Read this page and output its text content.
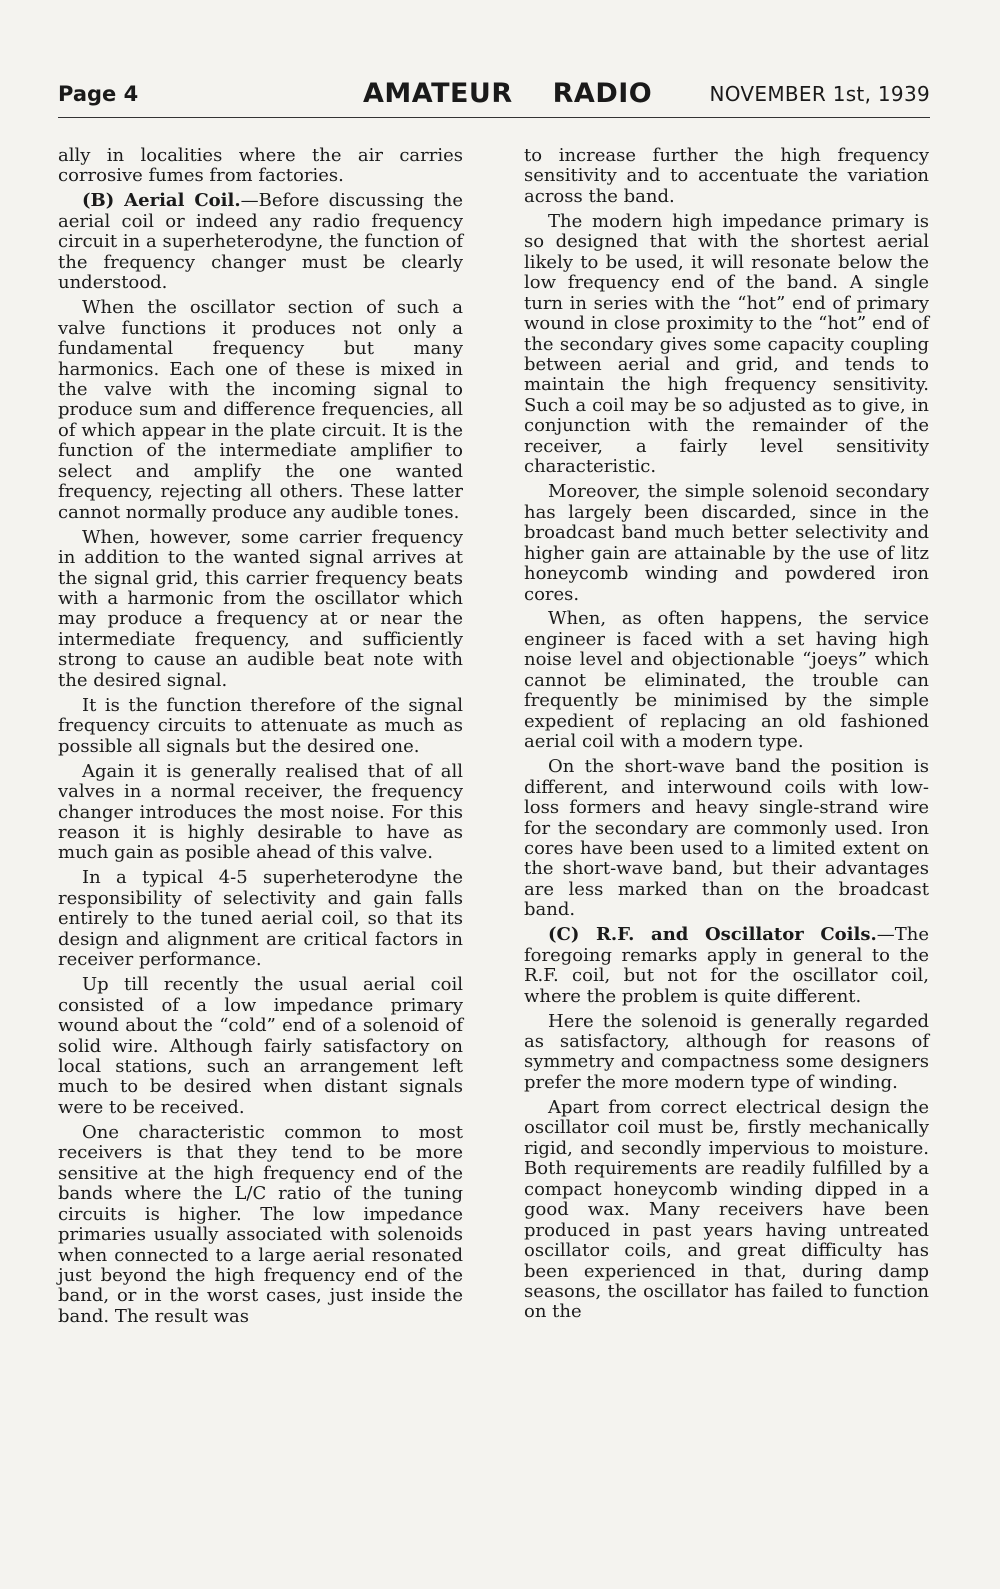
Page 4	AMATEUR RADIO	NOVEMBER 1st, 1939

ally in localities where the air carries corrosive fumes from factories.

(B) Aerial Coil.—Before discussing the aerial coil or indeed any radio frequency circuit in a superheterodyne, the function of the frequency changer must be clearly understood.

When the oscillator section of such a valve functions it produces not only a fundamental frequency but many harmonics. Each one of these is mixed in the valve with the incoming signal to produce sum and difference frequencies, all of which appear in the plate circuit. It is the function of the intermediate amplifier to select and amplify the one wanted frequency, rejecting all others. These latter cannot normally produce any audible tones.

When, however, some carrier frequency in addition to the wanted signal arrives at the signal grid, this carrier frequency beats with a harmonic from the oscillator which may produce a frequency at or near the intermediate frequency, and sufficiently strong to cause an audible beat note with the desired signal.

It is the function therefore of the signal frequency circuits to attenuate as much as possible all signals but the desired one.

Again it is generally realised that of all valves in a normal receiver, the frequency changer introduces the most noise. For this reason it is highly desirable to have as much gain as posible ahead of this valve.

In a typical 4-5 superheterodyne the responsibility of selectivity and gain falls entirely to the tuned aerial coil, so that its design and alignment are critical factors in receiver performance.

Up till recently the usual aerial coil consisted of a low impedance primary wound about the “cold” end of a solenoid of solid wire. Although fairly satisfactory on local stations, such an arrangement left much to be desired when distant signals were to be received.

One characteristic common to most receivers is that they tend to be more sensitive at the high frequency end of the bands where the L/C ratio of the tuning circuits is higher. The low impedance primaries usually associated with solenoids when connected to a large aerial resonated just beyond the high frequency end of the band, or in the worst cases, just inside the band. The result was

to increase further the high frequency sensitivity and to accentuate the variation across the band.

The modern high impedance primary is so designed that with the shortest aerial likely to be used, it will resonate below the low frequency end of the band. A single turn in series with the “hot” end of primary wound in close proximity to the “hot” end of the secondary gives some capacity coupling between aerial and grid, and tends to maintain the high frequency sensitivity. Such a coil may be so adjusted as to give, in conjunction with the remainder of the receiver, a fairly level sensitivity characteristic.

Moreover, the simple solenoid secondary has largely been discarded, since in the broadcast band much better selectivity and higher gain are attainable by the use of litz honeycomb winding and powdered iron cores.

When, as often happens, the service engineer is faced with a set having high noise level and objectionable “joeys” which cannot be eliminated, the trouble can frequently be minimised by the simple expedient of replacing an old fashioned aerial coil with a modern type.

On the short-wave band the position is different, and interwound coils with low-loss formers and heavy single-strand wire for the secondary are commonly used. Iron cores have been used to a limited extent on the short-wave band, but their advantages are less marked than on the broadcast band.

(C) R.F. and Oscillator Coils.—The foregoing remarks apply in general to the R.F. coil, but not for the oscillator coil, where the problem is quite different.

Here the solenoid is generally regarded as satisfactory, although for reasons of symmetry and compactness some designers prefer the more modern type of winding.

Apart from correct electrical design the oscillator coil must be, firstly mechanically rigid, and secondly impervious to moisture. Both requirements are readily fulfilled by a compact honeycomb winding dipped in a good wax. Many receivers have been produced in past years having untreated oscillator coils, and great difficulty has been experienced in that, during damp seasons, the oscillator has failed to function on the
